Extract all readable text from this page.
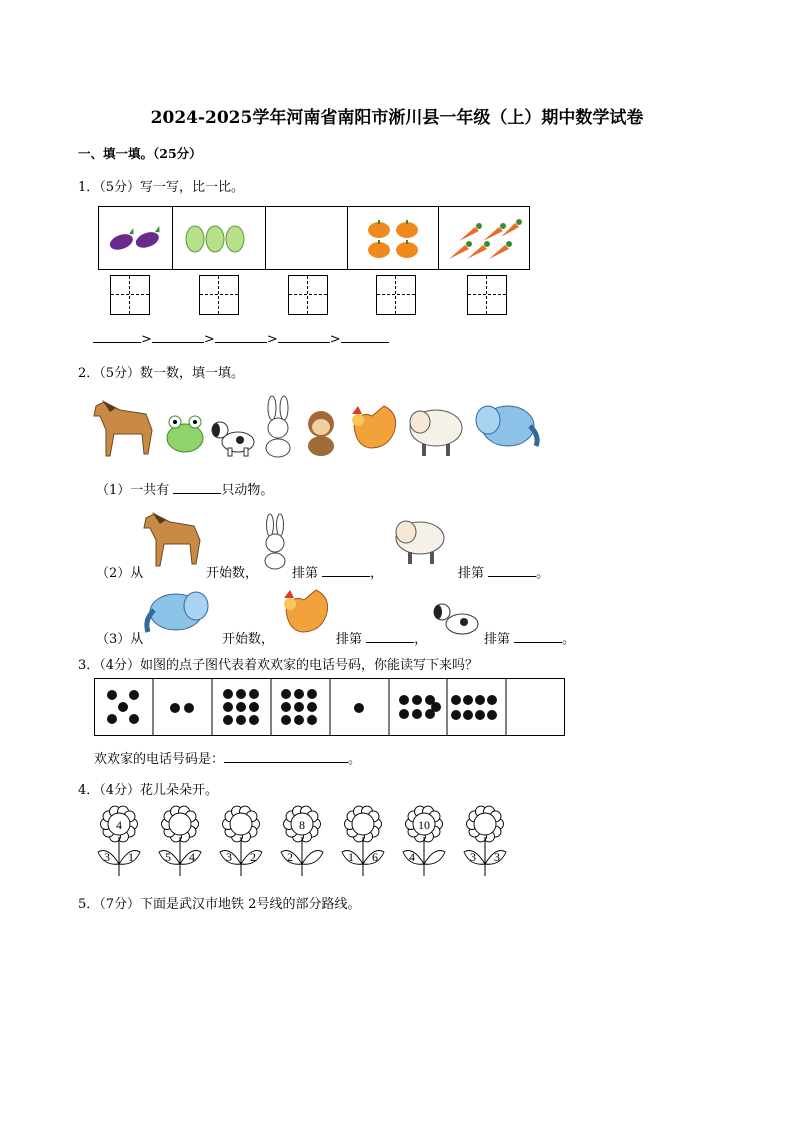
2024-2025学年河南省南阳市淅川县一年级（上）期中数学试卷
一、填一填。（25分）
1．（5分）写一写，比一比。
>	>	>	>
2．（5分）数一数，填一填。
（1）一共有	只动物。
（2）从	开始数，	排第	，	排第	。
（3）从	开始数，	排第	，	排第	。
3．（4分）如图的点子图代表着欢欢家的电话号码，你能读写下来吗？
欢欢家的电话号码是：	。
4．（4分）花儿朵朵开。
4
3 1	5 4	3 2
8
2	1 6
10
4	3 3
5．（7分）下面是武汉市地铁 2号线的部分路线。
